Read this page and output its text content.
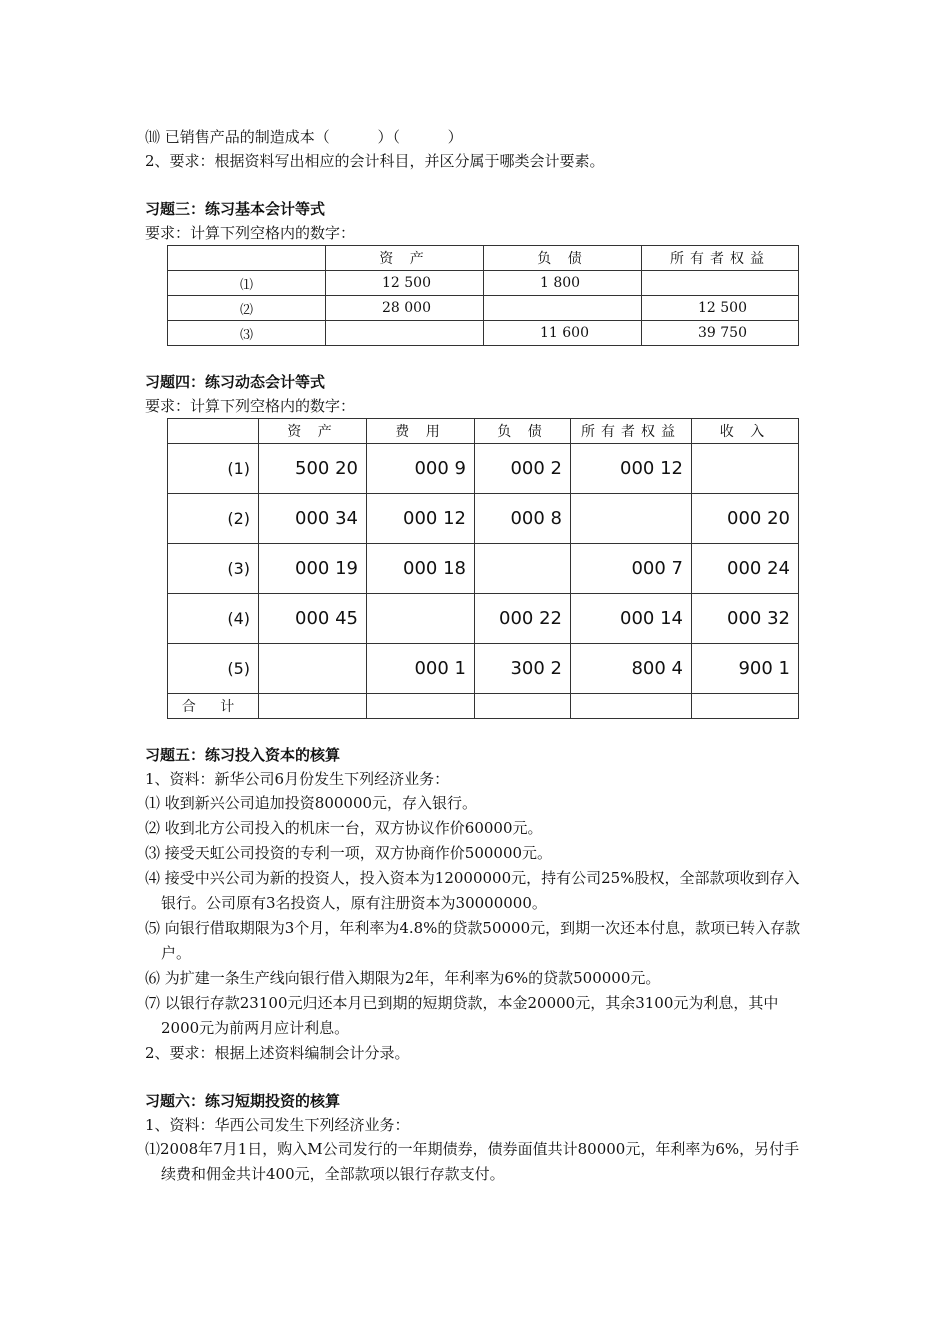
⑽ 已销售产品的制造成本（          ）（          ）
2、要求：根据资料写出相应的会计科目，并区分属于哪类会计要素。
习题三：练习基本会计等式
要求：计算下列空格内的数字：
	资 产	负 债	所有者权益
⑴	12 500	1 800	
⑵	28 000		12 500
⑶		11 600	39 750
习题四：练习动态会计等式
要求：计算下列空格内的数字：
	资 产	费 用	负 债	所有者权益	收 入
(1)	500 20	000 9	000 2	000 12	
(2)	000 34	000 12	000 8		000 20
(3)	000 19	000 18		000 7	000 24
(4)	000 45		000 22	000 14	000 32
(5)		000 1	300 2	800 4	900 1
合 计					
习题五：练习投入资本的核算
1、资料：新华公司6月份发生下列经济业务：
⑴ 收到新兴公司追加投资800000元，存入银行。
⑵ 收到北方公司投入的机床一台，双方协议作价60000元。
⑶ 接受天虹公司投资的专利一项，双方协商作价500000元。
⑷ 接受中兴公司为新的投资人，投入资本为12000000元，持有公司25%股权，全部款项收到存入银行。公司原有3名投资人，原有注册资本为30000000。
⑸ 向银行借取期限为3个月，年利率为4.8%的贷款50000元，到期一次还本付息，款项已转入存款户。
⑹ 为扩建一条生产线向银行借入期限为2年，年利率为6%的贷款500000元。
⑺ 以银行存款23100元归还本月已到期的短期贷款，本金20000元，其余3100元为利息，其中2000元为前两月应计利息。
2、要求：根据上述资料编制会计分录。
习题六：练习短期投资的核算
1、资料：华西公司发生下列经济业务：
⑴2008年7月1日，购入M公司发行的一年期债券，债券面值共计80000元，年利率为6%，另付手续费和佣金共计400元，全部款项以银行存款支付。
